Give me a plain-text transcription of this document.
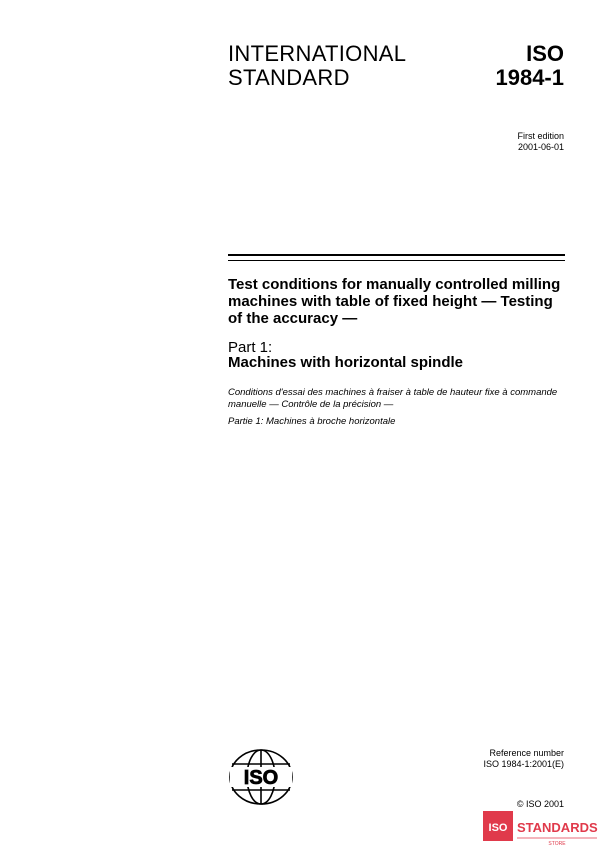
INTERNATIONAL
STANDARD
ISO
1984-1
First edition
2001-06-01
Test conditions for manually controlled milling machines with table of fixed height — Testing of the accuracy —
Part 1:
Machines with horizontal spindle
Conditions d'essai des machines à fraiser à table de hauteur fixe à commande manuelle — Contrôle de la précision —
Partie 1: Machines à broche horizontale
ISO
Reference number
ISO 1984-1:2001(E)
© ISO 2001
ISO STANDARDS
STORE
